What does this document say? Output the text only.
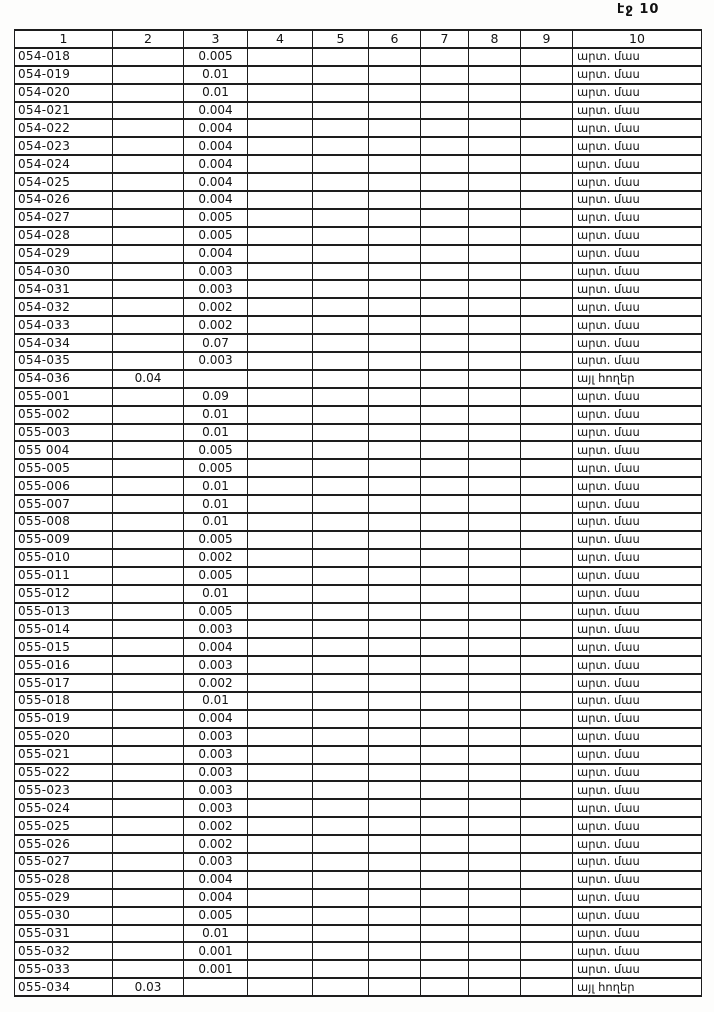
էջ 10
1	2	3	4	5	6	7	8	9	10
054-018		0.005							արտ. մաս
054-019		0.01							արտ. մաս
054-020		0.01							արտ. մաս
054-021		0.004							արտ. մաս
054-022		0.004							արտ. մաս
054-023		0.004							արտ. մաս
054-024		0.004							արտ. մաս
054-025		0.004							արտ. մաս
054-026		0.004							արտ. մաս
054-027		0.005							արտ. մաս
054-028		0.005							արտ. մաս
054-029		0.004							արտ. մաս
054-030		0.003							արտ. մաս
054-031		0.003							արտ. մաս
054-032		0.002							արտ. մաս
054-033		0.002							արտ. մաս
054-034		0.07							արտ. մաս
054-035		0.003							արտ. մաս
054-036	0.04								այլ հողեր
055-001		0.09							արտ. մաս
055-002		0.01							արտ. մաս
055-003		0.01							արտ. մաս
055 004		0.005							արտ. մաս
055-005		0.005							արտ. մաս
055-006		0.01							արտ. մաս
055-007		0.01							արտ. մաս
055-008		0.01							արտ. մաս
055-009		0.005							արտ. մաս
055-010		0.002							արտ. մաս
055-011		0.005							արտ. մաս
055-012		0.01							արտ. մաս
055-013		0.005							արտ. մաս
055-014		0.003							արտ. մաս
055-015		0.004							արտ. մաս
055-016		0.003							արտ. մաս
055-017		0.002							արտ. մաս
055-018		0.01							արտ. մաս
055-019		0.004							արտ. մաս
055-020		0.003							արտ. մաս
055-021		0.003							արտ. մաս
055-022		0.003							արտ. մաս
055-023		0.003							արտ. մաս
055-024		0.003							արտ. մաս
055-025		0.002							արտ. մաս
055-026		0.002							արտ. մաս
055-027		0.003							արտ. մաս
055-028		0.004							արտ. մաս
055-029		0.004							արտ. մաս
055-030		0.005							արտ. մաս
055-031		0.01							արտ. մաս
055-032		0.001							արտ. մաս
055-033		0.001							արտ. մաս
055-034	0.03								այլ հողեր
